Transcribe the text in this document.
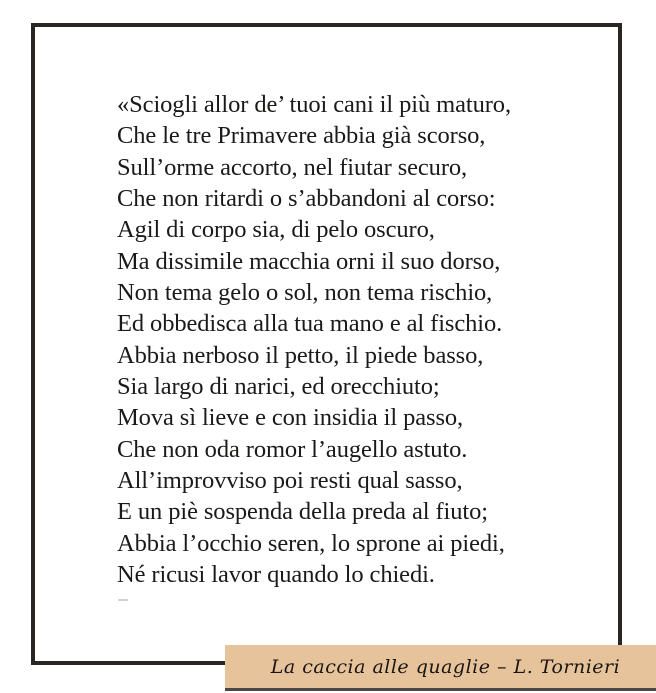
«Sciogli allor de’ tuoi cani il più maturo,
Che le tre Primavere abbia già scorso,
Sull’orme accorto, nel fiutar securo,
Che non ritardi o s’abbandoni al corso:
Agil di corpo sia, di pelo oscuro,
Ma dissimile macchia orni il suo dorso,
Non tema gelo o sol, non tema rischio,
Ed obbedisca alla tua mano e al fischio.
Abbia nerboso il petto, il piede basso,
Sia largo di narici, ed orecchiuto;
Mova sì lieve e con insidia il passo,
Che non oda romor l’augello astuto.
All’improvviso poi resti qual sasso,
E un piè sospenda della preda al fiuto;
Abbia l’occhio seren, lo sprone ai piedi,
Né ricusi lavor quando lo chiedi.
La caccia alle quaglie – L. Tornieri
